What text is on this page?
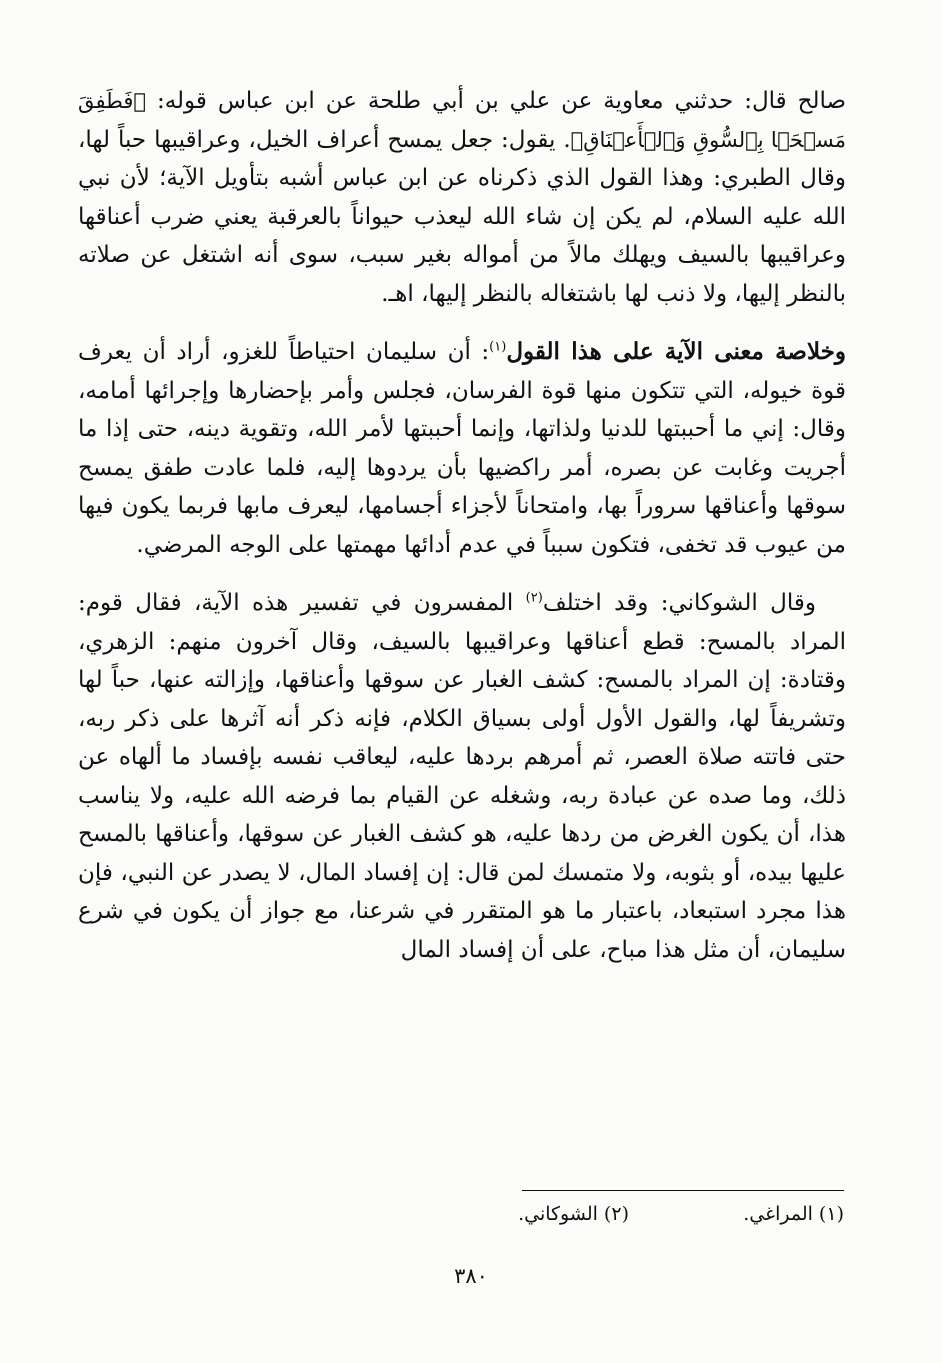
صالح قال: حدثني معاوية عن علي بن أبي طلحة عن ابن عباس قوله: ﴿فَطَفِقَ مَسۡحَۢا بِٱلسُّوقِ وَٱلۡأَعۡنَاقِ﴾. يقول: جعل يمسح أعراف الخيل، وعراقيبها حباً لها، وقال الطبري: وهذا القول الذي ذكرناه عن ابن عباس أشبه بتأويل الآية؛ لأن نبي الله عليه السلام، لم يكن إن شاء الله ليعذب حيواناً بالعرقبة يعني ضرب أعناقها وعراقيبها بالسيف ويهلك مالاً من أمواله بغير سبب، سوى أنه اشتغل عن صلاته بالنظر إليها، ولا ذنب لها باشتغاله بالنظر إليها، اهـ.

وخلاصة معنى الآية على هذا القول$^{(١)}$: أن سليمان احتياطاً للغزو، أراد أن يعرف قوة خيوله، التي تتكون منها قوة الفرسان، فجلس وأمر بإحضارها وإجرائها أمامه، وقال: إني ما أحببتها للدنيا ولذاتها، وإنما أحببتها لأمر الله، وتقوية دينه، حتى إذا ما أجريت وغابت عن بصره، أمر راكضيها بأن يردوها إليه، فلما عادت طفق يمسح سوقها وأعناقها سروراً بها، وامتحاناً لأجزاء أجسامها، ليعرف مابها فربما يكون فيها من عيوب قد تخفى، فتكون سبباً في عدم أدائها مهمتها على الوجه المرضي.

وقال الشوكاني: وقد اختلف$^{(٢)}$ المفسرون في تفسير هذه الآية، فقال قوم: المراد بالمسح: قطع أعناقها وعراقيبها بالسيف، وقال آخرون منهم: الزهري، وقتادة: إن المراد بالمسح: كشف الغبار عن سوقها وأعناقها، وإزالته عنها، حباً لها وتشريفاً لها، والقول الأول أولى بسياق الكلام، فإنه ذكر أنه آثرها على ذكر ربه، حتى فاتته صلاة العصر، ثم أمرهم بردها عليه، ليعاقب نفسه بإفساد ما ألهاه عن ذلك، وما صده عن عبادة ربه، وشغله عن القيام بما فرضه الله عليه، ولا يناسب هذا، أن يكون الغرض من ردها عليه، هو كشف الغبار عن سوقها، وأعناقها بالمسح عليها بيده، أو بثوبه، ولا متمسك لمن قال: إن إفساد المال، لا يصدر عن النبي، فإن هذا مجرد استبعاد، باعتبار ما هو المتقرر في شرعنا، مع جواز أن يكون في شرع سليمان، أن مثل هذا مباح، على أن إفساد المال

(١) المراغي.
(٢) الشوكاني.
٣٨٠
